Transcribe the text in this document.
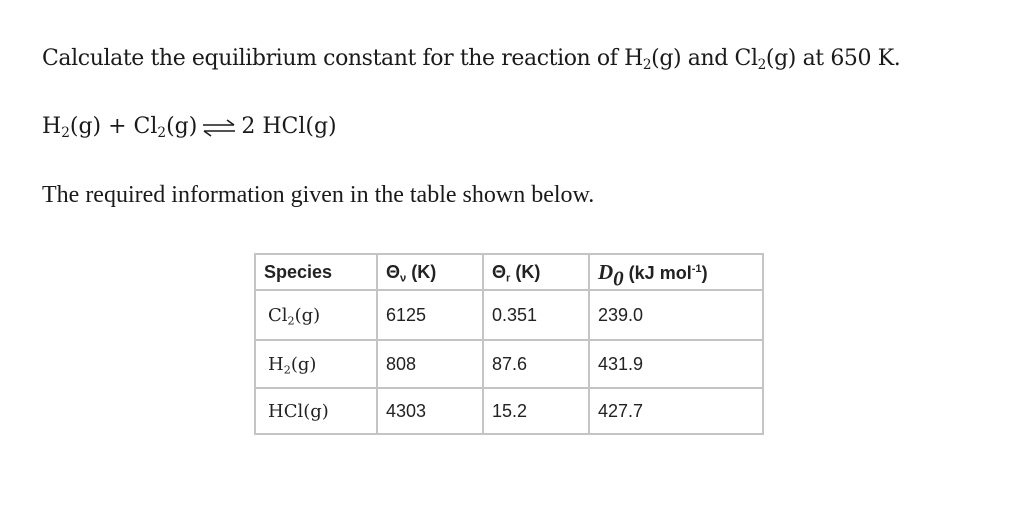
Calculate the equilibrium constant for the reaction of $H_2(g)$ and $Cl_2(g)$ at 650 K.
$H_2(g) + Cl_2(g)$ ⇌ 2 HCl(g)
The required information given in the table shown below.
Species	$\Theta_\nu$ (K)	$\Theta_r$ (K)	$D_0$ (kJ mol$^{-1}$)
$Cl_2(g)$	6125	0.351	239.0
$H_2(g)$	808	87.6	431.9
HCl(g)	4303	15.2	427.7
